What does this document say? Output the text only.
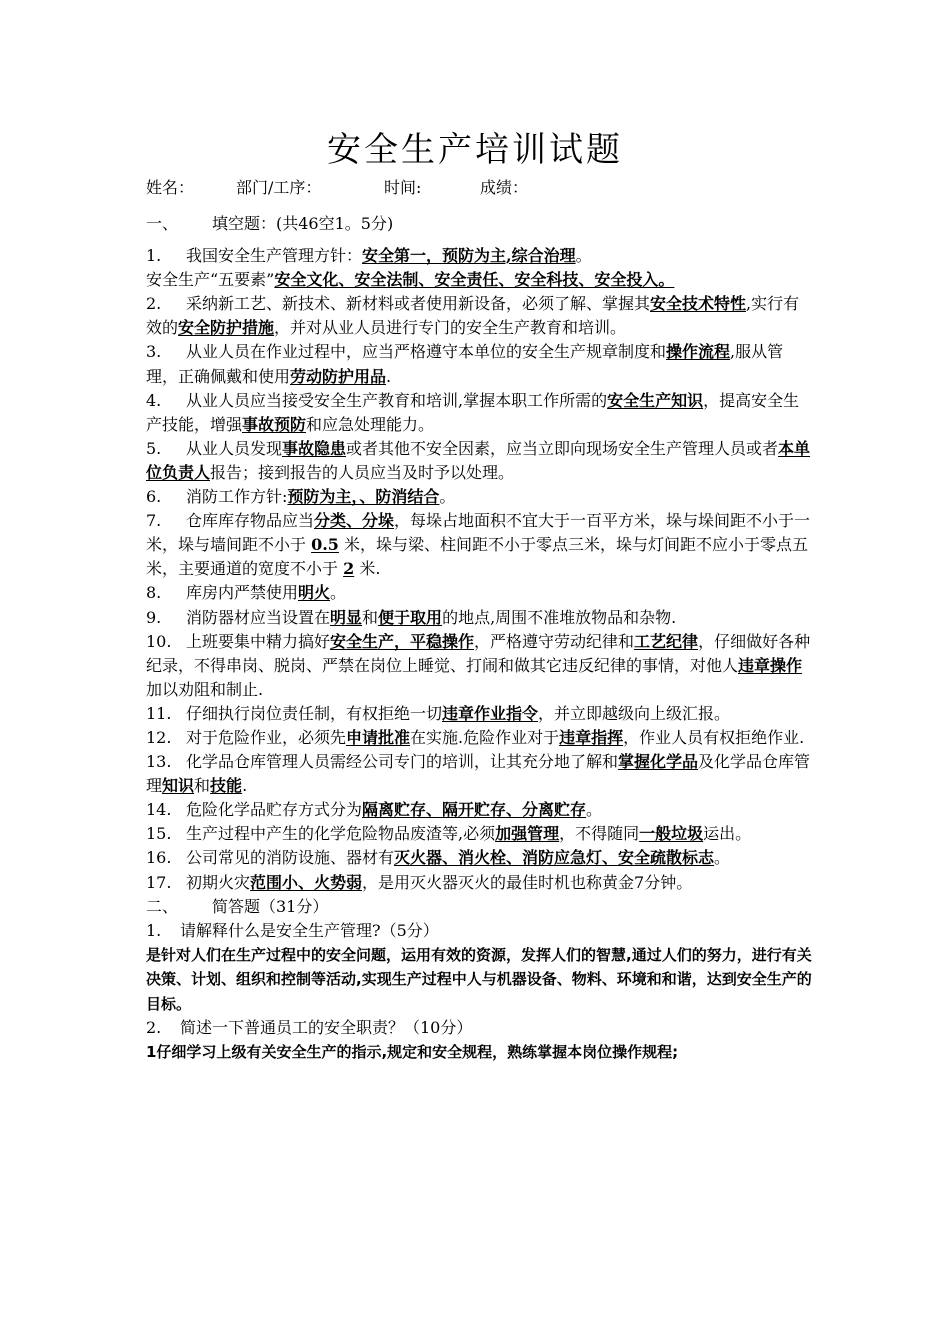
安全生产培训试题
姓名：	部门/工序：	时间:	成绩：

一、 填空题：(共46空1。5分)

1. 我国安全生产管理方针：安全第一，预防为主,综合治理。

安全生产“五要素”安全文化、安全法制、安全责任、安全科技、安全投入。

2. 采纳新工艺、新技术、新材料或者使用新设备，必须了解、掌握其安全技术特性,实行有效的安全防护措施，并对从业人员进行专门的安全生产教育和培训。

3. 从业人员在作业过程中，应当严格遵守本单位的安全生产规章制度和操作流程,服从管理，正确佩戴和使用劳动防护用品.

4. 从业人员应当接受安全生产教育和培训,掌握本职工作所需的安全生产知识，提高安全生产技能，增强事故预防和应急处理能力。

5. 从业人员发现事故隐患或者其他不安全因素，应当立即向现场安全生产管理人员或者本单位负责人报告；接到报告的人员应当及时予以处理。

6. 消防工作方针:预防为主，、防消结合。

7. 仓库库存物品应当分类、分垛，每垛占地面积不宜大于一百平方米，垛与垛间距不小于一米，垛与墙间距不小于 0.5 米，垛与梁、柱间距不小于零点三米，垛与灯间距不应小于零点五米，主要通道的宽度不小于 2 米.

8. 库房内严禁使用明火。

9. 消防器材应当设置在明显和便于取用的地点,周围不准堆放物品和杂物.

10. 上班要集中精力搞好安全生产，平稳操作，严格遵守劳动纪律和工艺纪律，仔细做好各种纪录，不得串岗、脱岗、严禁在岗位上睡觉、打闹和做其它违反纪律的事情，对他人违章操作加以劝阻和制止.

11. 仔细执行岗位责任制，有权拒绝一切违章作业指令，并立即越级向上级汇报。

12. 对于危险作业，必须先申请批准在实施.危险作业对于违章指挥，作业人员有权拒绝作业.

13. 化学品仓库管理人员需经公司专门的培训，让其充分地了解和掌握化学品及化学品仓库管理知识和技能.

14. 危险化学品贮存方式分为隔离贮存、隔开贮存、分离贮存。

15. 生产过程中产生的化学危险物品废渣等,必须加强管理，不得随同一般垃圾运出。

16. 公司常见的消防设施、器材有灭火器、消火栓、消防应急灯、安全疏散标志。

17. 初期火灾范围小、火势弱，是用灭火器灭火的最佳时机也称黄金7分钟。

二、 简答题（31分）

1. 请解释什么是安全生产管理?（5分）

是针对人们在生产过程中的安全问题，运用有效的资源，发挥人们的智慧,通过人们的努力，进行有关决策、计划、组织和控制等活动,实现生产过程中人与机器设备、物料、环境和和谐，达到安全生产的目标。

2. 简述一下普通员工的安全职责？（10分）

1仔细学习上级有关安全生产的指示,规定和安全规程，熟练掌握本岗位操作规程;
